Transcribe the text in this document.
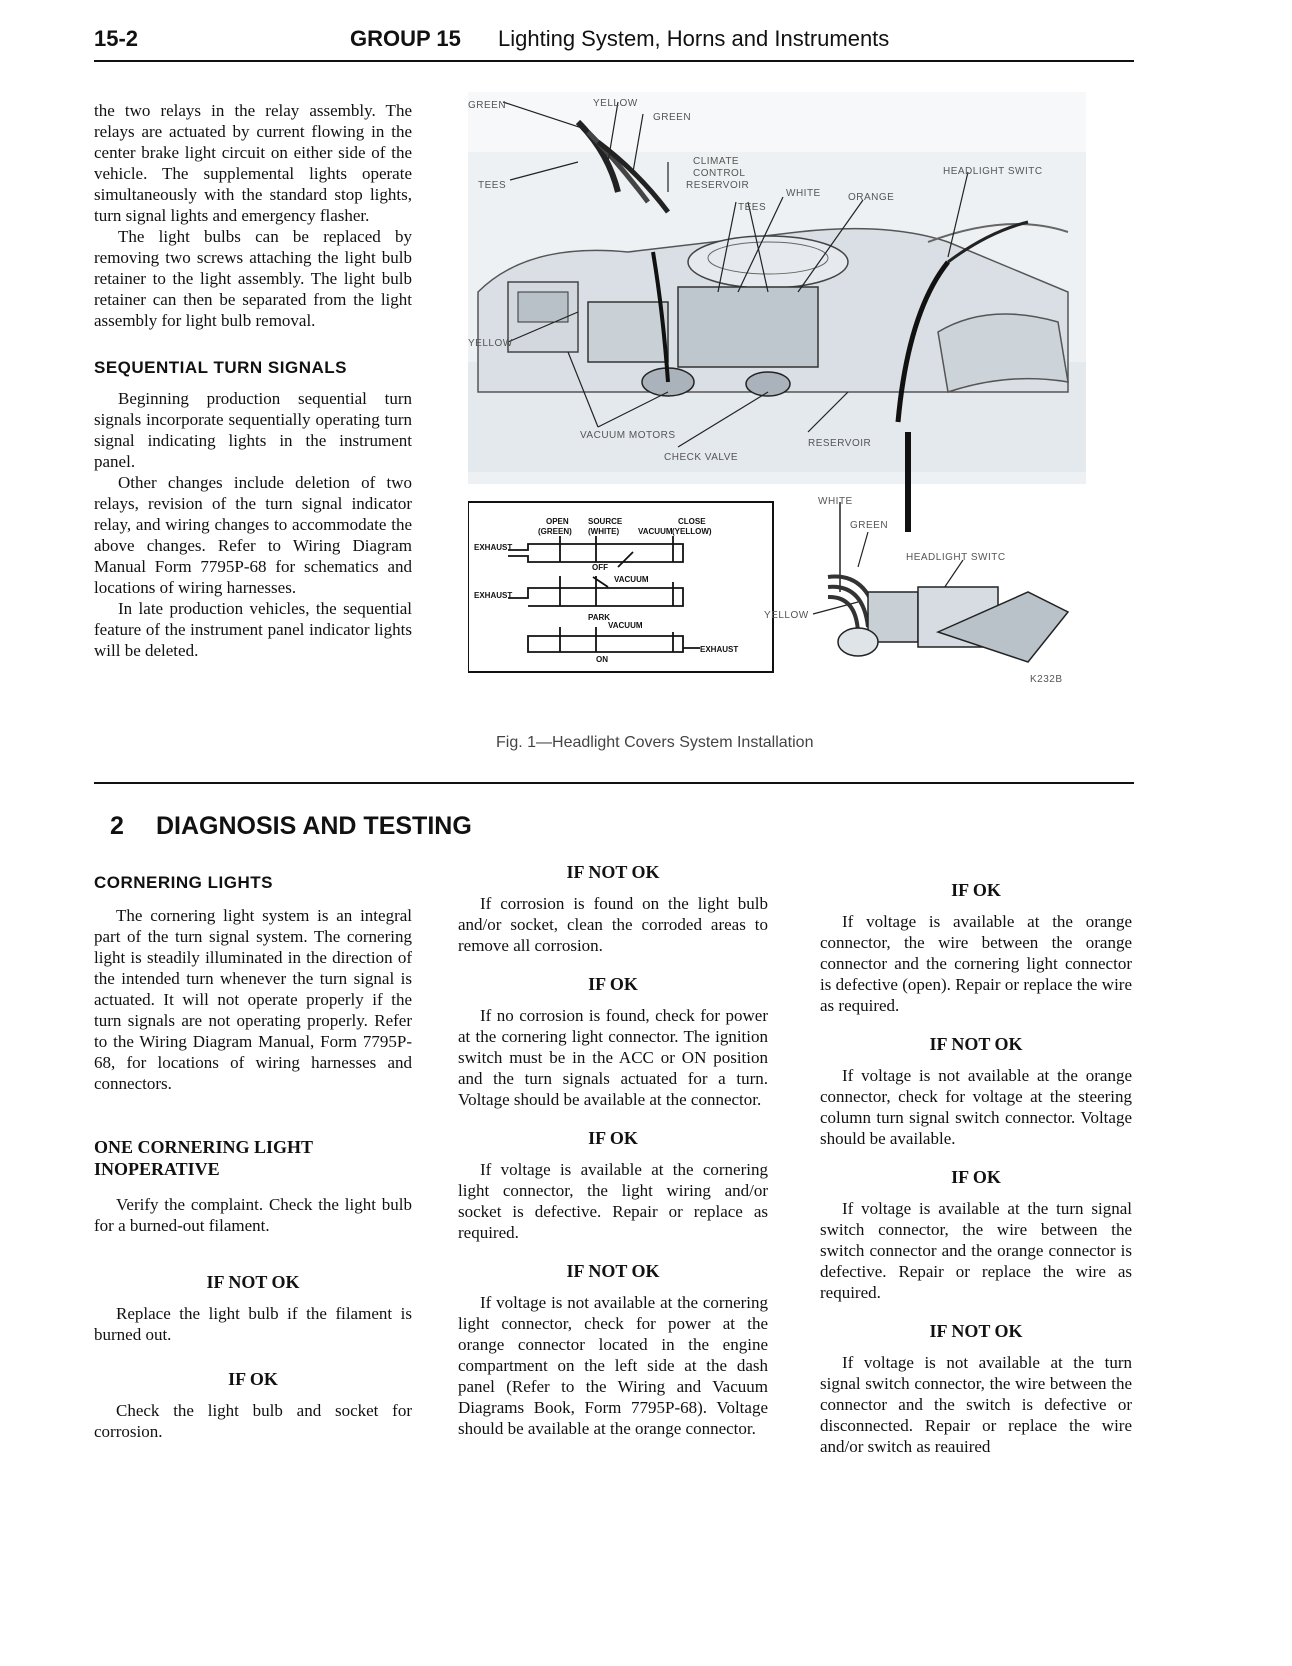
15-2	GROUP 15 Lighting System, Horns and Instruments

the two relays in the relay assembly. The relays are actuated by current flowing in the center brake light circuit on either side of the vehicle. The supplemental lights operate simultaneously with the standard stop lights, turn signal lights and emergency flasher.

The light bulbs can be replaced by removing two screws attaching the light bulb retainer to the light assembly. The light bulb retainer can then be separated from the light assembly for light bulb removal.

SEQUENTIAL TURN SIGNALS

Beginning production sequential turn signals incorporate sequentially operating turn signal indicating lights in the instrument panel.

Other changes include deletion of two relays, revision of the turn signal indicator relay, and wiring changes to accommodate the above changes. Refer to Wiring Diagram Manual Form 7795P-68 for schematics and locations of wiring harnesses.

In late production vehicles, the sequential feature of the instrument panel indicator lights will be deleted.

GREEN	YELLOW
GREEN
CLIMATE
CONTROL
RESERVOIR
TEES
WHITE	ORANGE
TEES
HEADLIGHT SWITC
YELLOW
VACUUM MOTORS
CHECK VALVE
RESERVOIR
OPEN
(GREEN)
SOURCE
(WHITE) VACUUM
CLOSE
(YELLOW)
EXHAUST
EXHAUST
OFF
VACUUM
PARK
VACUUM
ON
EXHAUST
WHITE
GREEN
HEADLIGHT SWITC
YELLOW
K232B
Fig. 1—Headlight Covers System Installation
2 DIAGNOSIS AND TESTING
CORNERING LIGHTS

The cornering light system is an integral part of the turn signal system. The cornering light is steadily illuminated in the direction of the intended turn whenever the turn signal is actuated. It will not operate properly if the turn signals are not operating properly. Refer to the Wiring Diagram Manual, Form 7795P-68, for locations of wiring harnesses and connectors.

ONE CORNERING LIGHT
INOPERATIVE

Verify the complaint. Check the light bulb for a burned-out filament.

IF NOT OK

Replace the light bulb if the filament is burned out.

IF OK

Check the light bulb and socket for corrosion.

IF NOT OK

If corrosion is found on the light bulb and/or socket, clean the corroded areas to remove all corrosion.

IF OK

If no corrosion is found, check for power at the cornering light connector. The ignition switch must be in the ACC or ON position and the turn signals actuated for a turn. Voltage should be available at the connector.

IF OK

If voltage is available at the cornering light connector, the light wiring and/or socket is defective. Repair or replace as required.

IF NOT OK

If voltage is not available at the cornering light connector, check for power at the orange connector located in the engine compartment on the left side at the dash panel (Refer to the Wiring and Vacuum Diagrams Book, Form 7795P-68). Voltage should be available at the orange connector.

IF OK

If voltage is available at the orange connector, the wire between the orange connector and the cornering light connector is defective (open). Repair or replace the wire as required.

IF NOT OK

If voltage is not available at the orange connector, check for voltage at the steering column turn signal switch connector. Voltage should be available.

IF OK

If voltage is available at the turn signal switch connector, the wire between the switch connector and the orange connector is defective. Repair or replace the wire as required.

IF NOT OK

If voltage is not available at the turn signal switch connector, the wire between the connector and the switch is defective or disconnected. Repair or replace the wire and/or switch as reauired
